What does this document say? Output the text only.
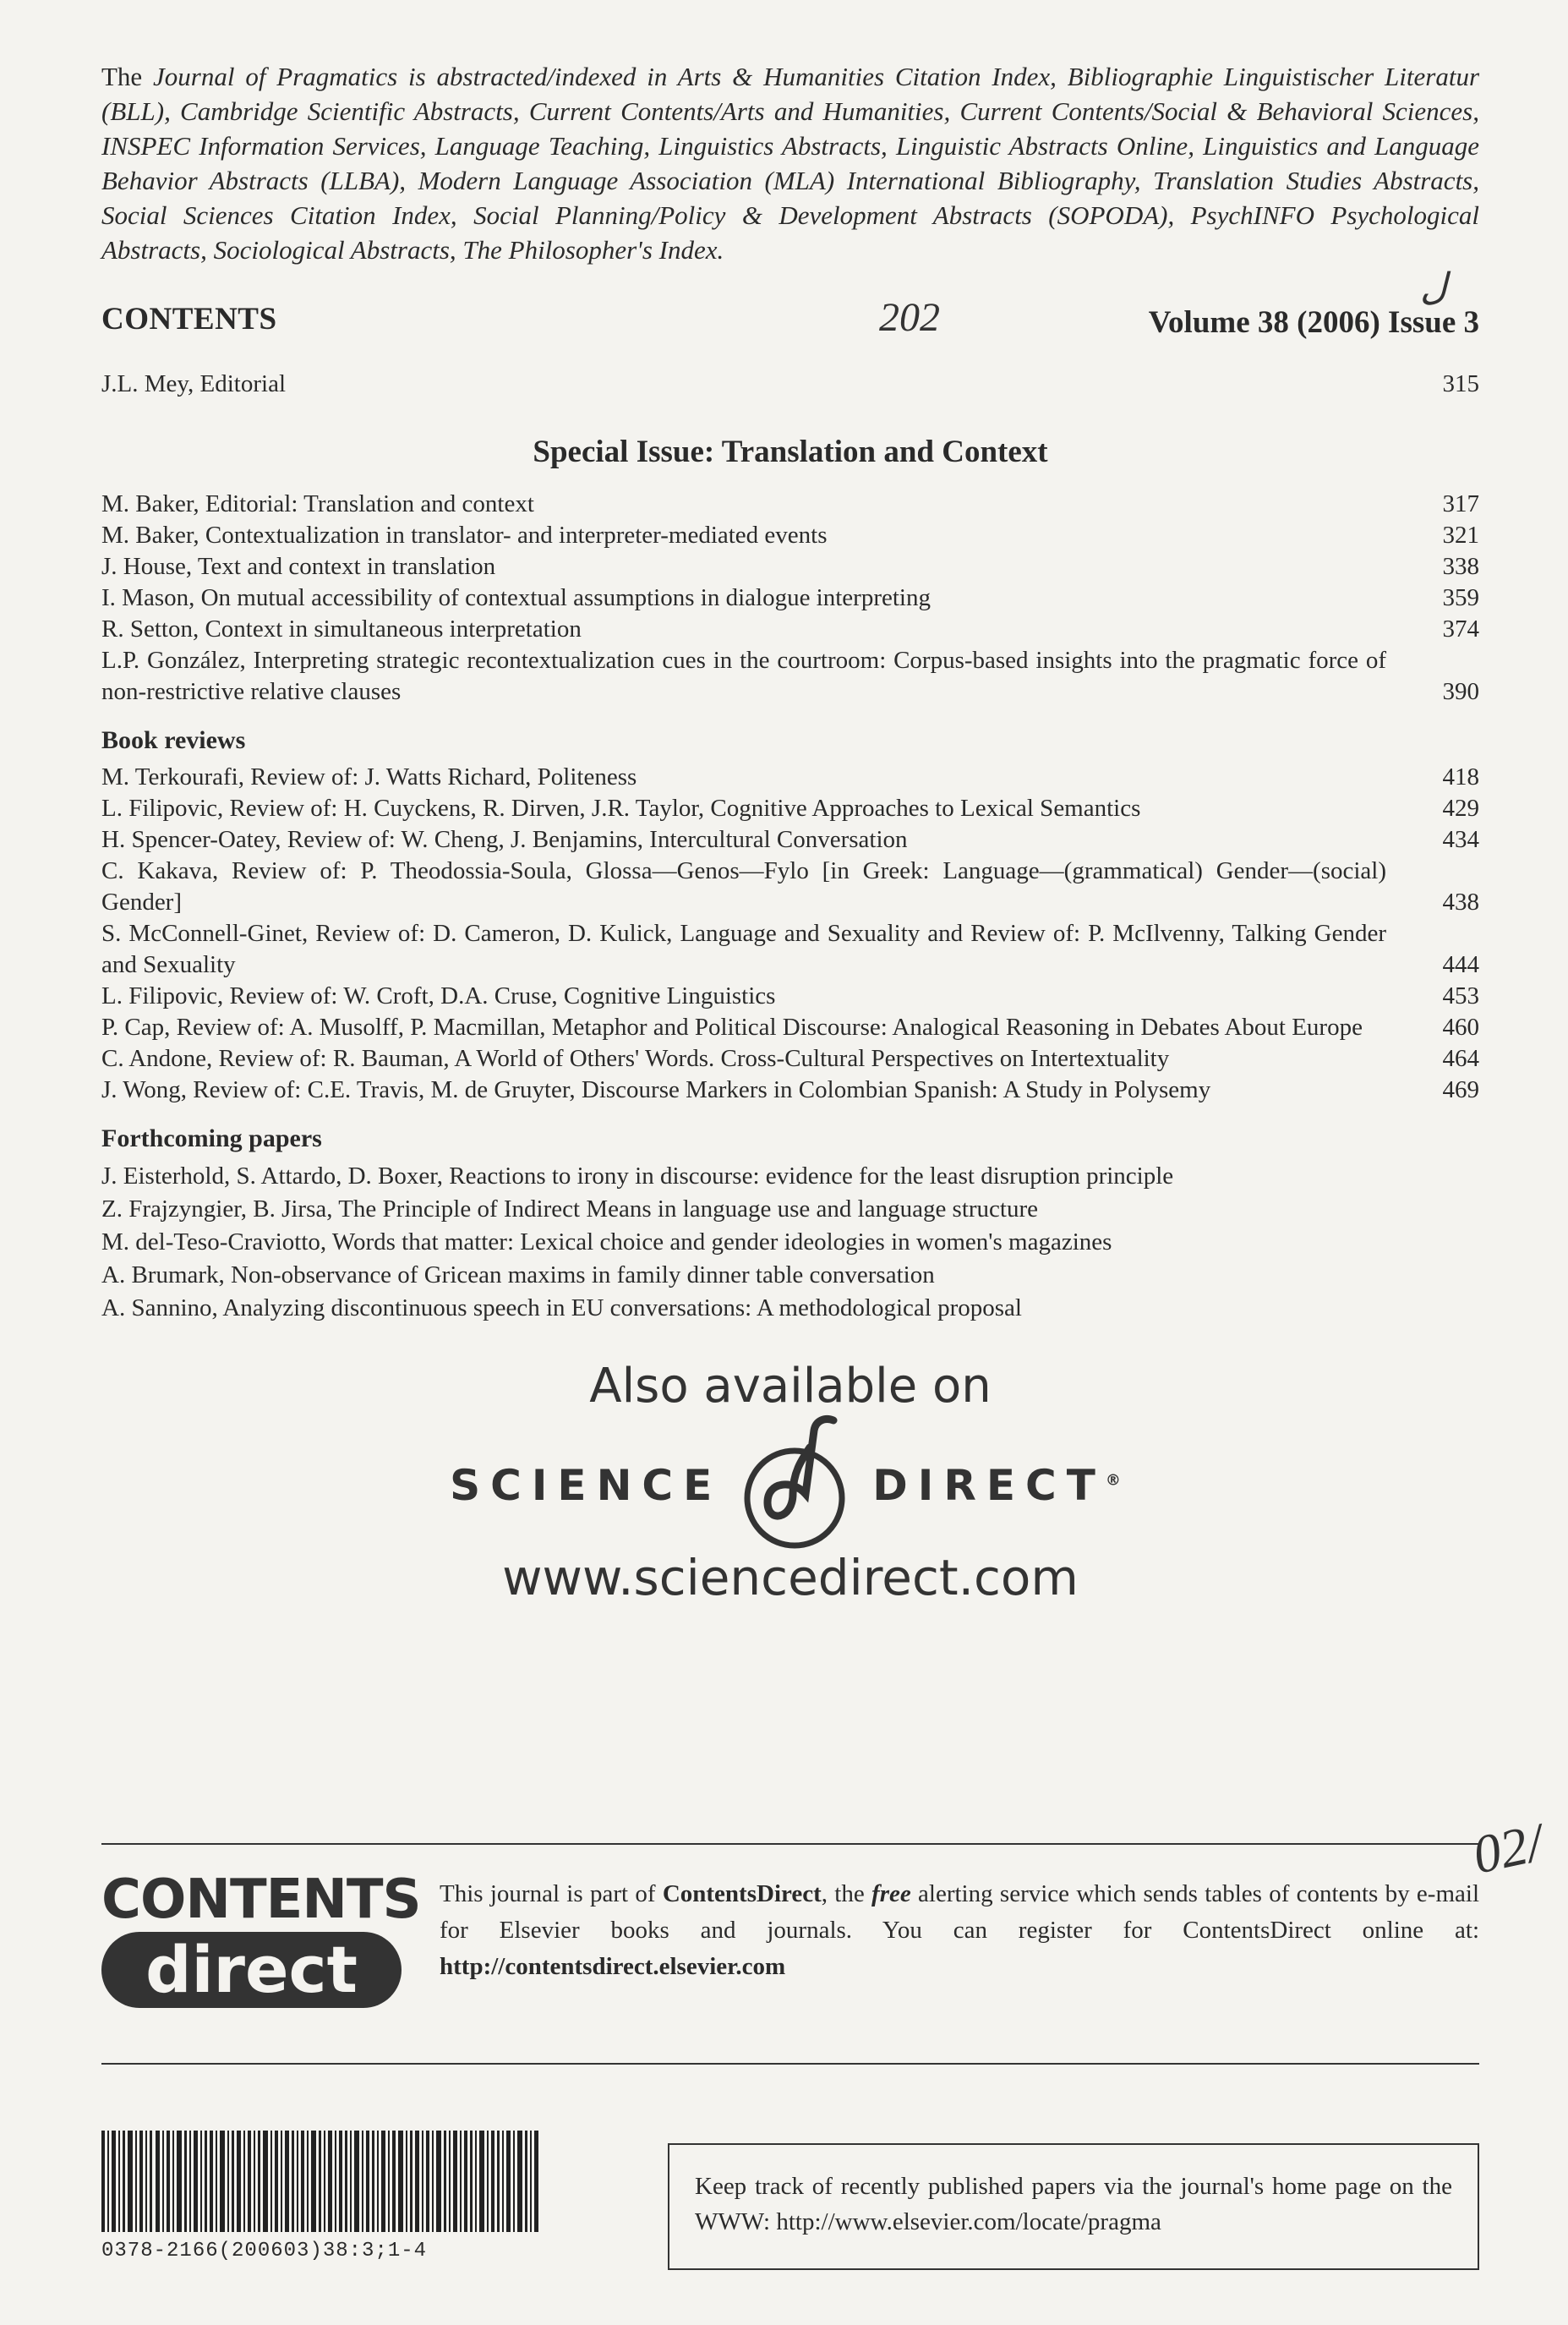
The Journal of Pragmatics is abstracted/indexed in Arts & Humanities Citation Index, Bibliographie Linguistischer Literatur (BLL), Cambridge Scientific Abstracts, Current Contents/Arts and Humanities, Current Contents/Social & Behavioral Sciences, INSPEC Information Services, Language Teaching, Linguistics Abstracts, Linguistic Abstracts Online, Linguistics and Language Behavior Abstracts (LLBA), Modern Language Association (MLA) International Bibliography, Translation Studies Abstracts, Social Sciences Citation Index, Social Planning/Policy & Development Abstracts (SOPODA), PsychINFO Psychological Abstracts, Sociological Abstracts, The Philosopher's Index.

CONTENTS	202
ل
Volume 38 (2006) Issue 3
J.L. Mey, Editorial	315
Special Issue: Translation and Context
M. Baker, Editorial: Translation and context	317
M. Baker, Contextualization in translator- and interpreter-mediated events	321
J. House, Text and context in translation	338
I. Mason, On mutual accessibility of contextual assumptions in dialogue interpreting	359
R. Setton, Context in simultaneous interpretation	374
L.P. González, Interpreting strategic recontextualization cues in the courtroom: Corpus-based insights into the pragmatic force of non-restrictive relative clauses	390
Book reviews
M. Terkourafi, Review of: J. Watts Richard, Politeness	418
L. Filipovic, Review of: H. Cuyckens, R. Dirven, J.R. Taylor, Cognitive Approaches to Lexical Semantics	429
H. Spencer-Oatey, Review of: W. Cheng, J. Benjamins, Intercultural Conversation	434
C. Kakava, Review of: P. Theodossia-Soula, Glossa—Genos—Fylo [in Greek: Language—(grammatical) Gender—(social) Gender]	438
S. McConnell-Ginet, Review of: D. Cameron, D. Kulick, Language and Sexuality and Review of: P. McIlvenny, Talking Gender and Sexuality	444
L. Filipovic, Review of: W. Croft, D.A. Cruse, Cognitive Linguistics	453
P. Cap, Review of: A. Musolff, P. Macmillan, Metaphor and Political Discourse: Analogical Reasoning in Debates About Europe	460
C. Andone, Review of: R. Bauman, A World of Others' Words. Cross-Cultural Perspectives on Intertextuality	464
J. Wong, Review of: C.E. Travis, M. de Gruyter, Discourse Markers in Colombian Spanish: A Study in Polysemy	469
Forthcoming papers
J. Eisterhold, S. Attardo, D. Boxer, Reactions to irony in discourse: evidence for the least disruption principle
Z. Frajzyngier, B. Jirsa, The Principle of Indirect Means in language use and language structure
M. del-Teso-Craviotto, Words that matter: Lexical choice and gender ideologies in women's magazines
A. Brumark, Non-observance of Gricean maxims in family dinner table conversation
A. Sannino, Analyzing discontinuous speech in EU conversations: A methodological proposal
Also available on
SCIENCE	DIRECT®
www.sciencedirect.com
CONTENTS
direct
This journal is part of ContentsDirect, the free alerting service which sends tables of contents by e-mail for Elsevier books and journals. You can register for ContentsDirect online at: http://contentsdirect.elsevier.com
0378-2166(200603)38:3;1-4
Keep track of recently published papers via the journal's home page on the WWW: http://www.elsevier.com/locate/pragma
02/
